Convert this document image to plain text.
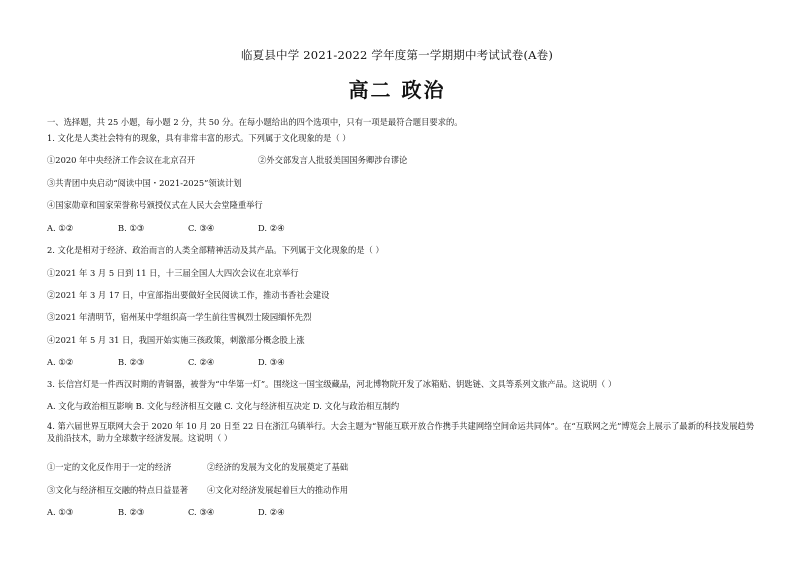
临夏县中学 2021-2022 学年度第一学期期中考试试卷(A卷)
高二 政治
一、选择题，共 25 小题，每小题 2 分，共 50 分。在每小题给出的四个选项中，只有一项是最符合题目要求的。
1. 文化是人类社会特有的现象，具有非常丰富的形式。下列属于文化现象的是（ ）
①2020 年中央经济工作会议在北京召开	②外交部发言人批驳美国国务卿涉台谬论
③共青团中央启动“阅读中国・2021-2025”领读计划
④国家勋章和国家荣誉称号颁授仪式在人民大会堂隆重举行
A. ①②	B. ①③	C. ③④	D. ②④
2. 文化是相对于经济、政治而言的人类全部精神活动及其产品。下列属于文化现象的是（ ）
①2021 年 3 月 5 日到 11 日，十三届全国人大四次会议在北京举行
②2021 年 3 月 17 日，中宣部指出要做好全民阅读工作，推动书香社会建设
③2021 年清明节，宿州某中学组织高一学生前往雪枫烈士陵园缅怀先烈
④2021 年 5 月 31 日，我国开始实施三孩政策，刺激部分概念股上涨
A. ①②	B. ②③	C. ②④	D. ③④
3. 长信宫灯是一件西汉时期的青铜器，被誉为“中华第一灯”。围绕这一国宝级藏品，河北博物院开发了冰箱贴、钥匙链、文具等系列文旅产品。这说明（ ）
A. 文化与政治相互影响 B. 文化与经济相互交融 C. 文化与经济相互决定 D. 文化与政治相互制约
4. 第六届世界互联网大会于 2020 年 10 月 20 日至 22 日在浙江乌镇举行。大会主题为“智能互联开放合作携手共建网络空间命运共同体”。在“互联网之光”博览会上展示了最新的科技发展趋势及前沿技术，助力全球数字经济发展。这说明（ ）
①一定的文化反作用于一定的经济	②经济的发展为文化的发展奠定了基础
③文化与经济相互交融的特点日益显著 ④文化对经济发展起着巨大的推动作用
A. ①③	B. ②③	C. ③④	D. ②④
